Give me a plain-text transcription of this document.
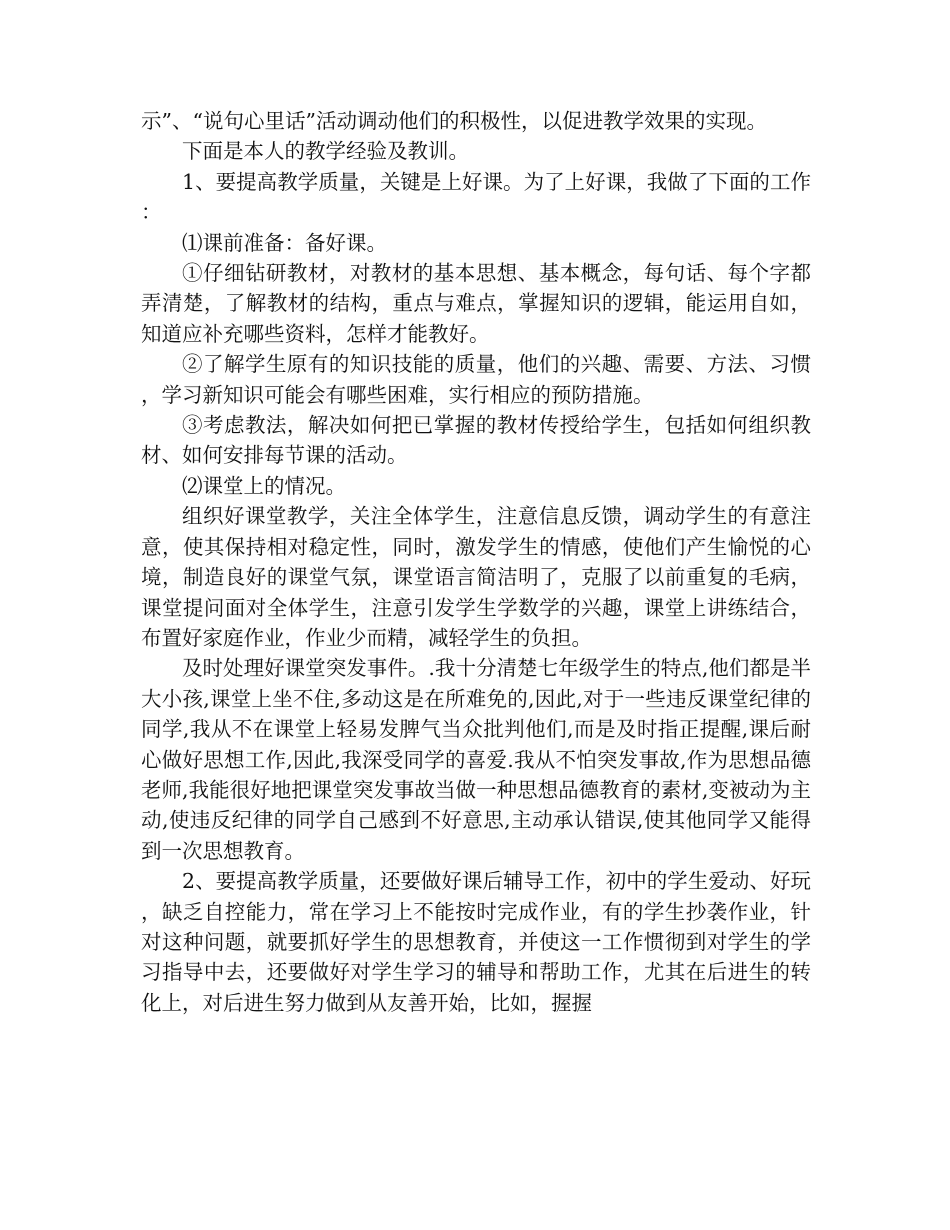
示”、“说句心里话”活动调动他们的积极性，以促进教学效果的实现。

下面是本人的教学经验及教训。

1、要提高教学质量，关键是上好课。为了上好课，我做了下面的工作：

⑴课前准备：备好课。

①仔细钻研教材，对教材的基本思想、基本概念，每句话、每个字都弄清楚，了解教材的结构，重点与难点，掌握知识的逻辑，能运用自如，知道应补充哪些资料，怎样才能教好。

②了解学生原有的知识技能的质量，他们的兴趣、需要、方法、习惯，学习新知识可能会有哪些困难，实行相应的预防措施。

③考虑教法，解决如何把已掌握的教材传授给学生，包括如何组织教材、如何安排每节课的活动。

⑵课堂上的情况。

组织好课堂教学，关注全体学生，注意信息反馈，调动学生的有意注意，使其保持相对稳定性，同时，激发学生的情感，使他们产生愉悦的心境，制造良好的课堂气氛，课堂语言简洁明了，克服了以前重复的毛病，课堂提问面对全体学生，注意引发学生学数学的兴趣，课堂上讲练结合，布置好家庭作业，作业少而精，减轻学生的负担。

及时处理好课堂突发事件。.我十分清楚七年级学生的特点,他们都是半大小孩,课堂上坐不住,多动这是在所难免的,因此,对于一些违反课堂纪律的同学,我从不在课堂上轻易发脾气当众批判他们,而是及时指正提醒,课后耐心做好思想工作,因此,我深受同学的喜爱.我从不怕突发事故,作为思想品德老师,我能很好地把课堂突发事故当做一种思想品德教育的素材,变被动为主动,使违反纪律的同学自己感到不好意思,主动承认错误,使其他同学又能得到一次思想教育。

2、要提高教学质量，还要做好课后辅导工作，初中的学生爱动、好玩，缺乏自控能力，常在学习上不能按时完成作业，有的学生抄袭作业，针对这种问题，就要抓好学生的思想教育，并使这一工作惯彻到对学生的学习指导中去，还要做好对学生学习的辅导和帮助工作，尤其在后进生的转化上，对后进生努力做到从友善开始，比如，握握
